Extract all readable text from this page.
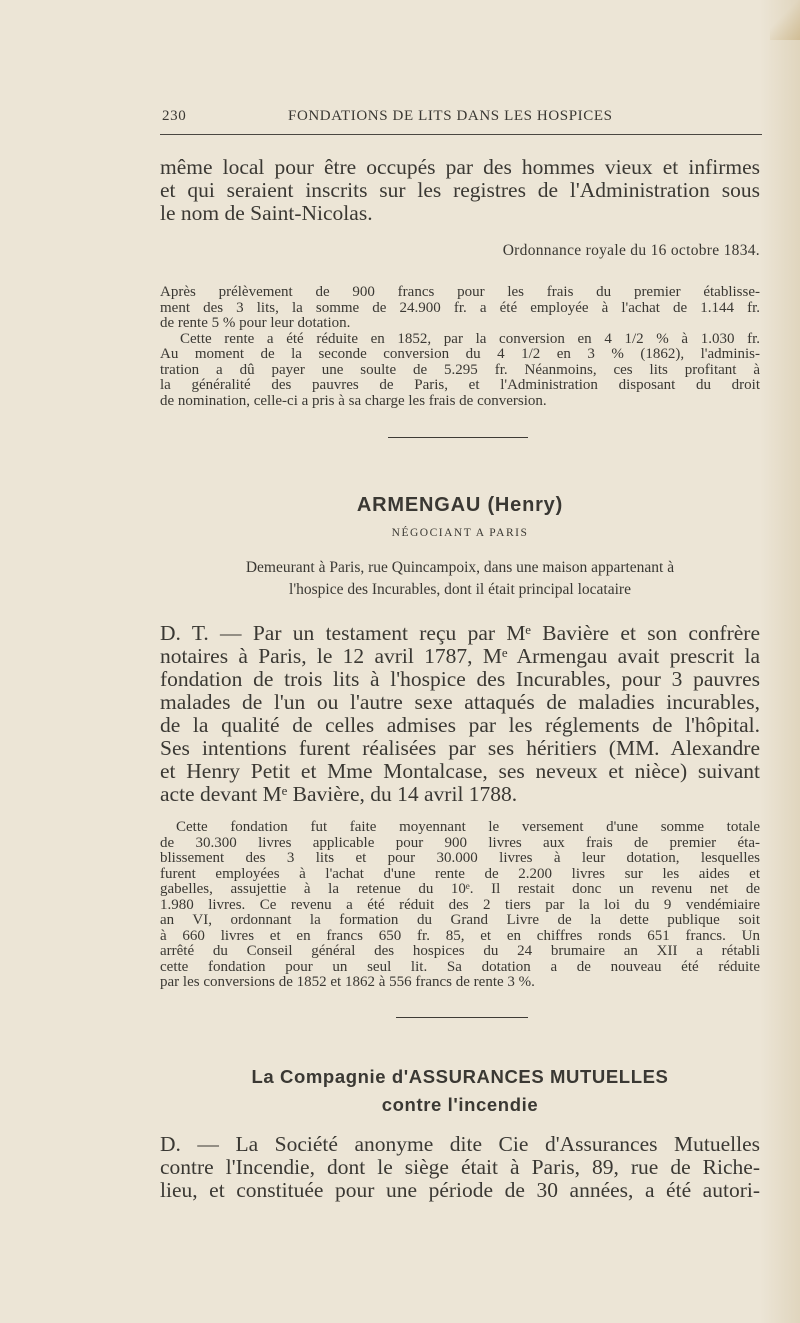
230	FONDATIONS DE LITS DANS LES HOSPICES
même local pour être occupés par des hommes vieux et infirmes
et qui seraient inscrits sur les registres de l'Administration sous
le nom de Saint-Nicolas.
Ordonnance royale du 16 octobre 1834.
Après prélèvement de 900 francs pour les frais du premier établisse-
ment des 3 lits, la somme de 24.900 fr. a été employée à l'achat de 1.144 fr.
de rente 5 % pour leur dotation.
Cette rente a été réduite en 1852, par la conversion en 4 1/2 % à 1.030 fr.
Au moment de la seconde conversion du 4 1/2 en 3 % (1862), l'adminis-
tration a dû payer une soulte de 5.295 fr. Néanmoins, ces lits profitant à
la généralité des pauvres de Paris, et l'Administration disposant du droit
de nomination, celle-ci a pris à sa charge les frais de conversion.
ARMENGAU (Henry)
NÉGOCIANT A PARIS
Demeurant à Paris, rue Quincampoix, dans une maison appartenant à
l'hospice des Incurables, dont il était principal locataire
D. T. — Par un testament reçu par Mᵉ Bavière et son confrère
notaires à Paris, le 12 avril 1787, Mᵉ Armengau avait prescrit la
fondation de trois lits à l'hospice des Incurables, pour 3 pauvres
malades de l'un ou l'autre sexe attaqués de maladies incurables,
de la qualité de celles admises par les réglements de l'hôpital.
Ses intentions furent réalisées par ses héritiers (MM. Alexandre
et Henry Petit et Mme Montalcase, ses neveux et nièce) suivant
acte devant Mᵉ Bavière, du 14 avril 1788.
Cette fondation fut faite moyennant le versement d'une somme totale
de 30.300 livres applicable pour 900 livres aux frais de premier éta-
blissement des 3 lits et pour 30.000 livres à leur dotation, lesquelles
furent employées à l'achat d'une rente de 2.200 livres sur les aides et
gabelles, assujettie à la retenue du 10ᵉ. Il restait donc un revenu net de
1.980 livres. Ce revenu a été réduit des 2 tiers par la loi du 9 vendémiaire
an VI, ordonnant la formation du Grand Livre de la dette publique soit
à 660 livres et en francs 650 fr. 85, et en chiffres ronds 651 francs. Un
arrêté du Conseil général des hospices du 24 brumaire an XII a rétabli
cette fondation pour un seul lit. Sa dotation a de nouveau été réduite
par les conversions de 1852 et 1862 à 556 francs de rente 3 %.
La Compagnie d'ASSURANCES MUTUELLES
contre l'incendie
D. — La Société anonyme dite Cie d'Assurances Mutuelles
contre l'Incendie, dont le siège était à Paris, 89, rue de Riche-
lieu, et constituée pour une période de 30 années, a été autori-
